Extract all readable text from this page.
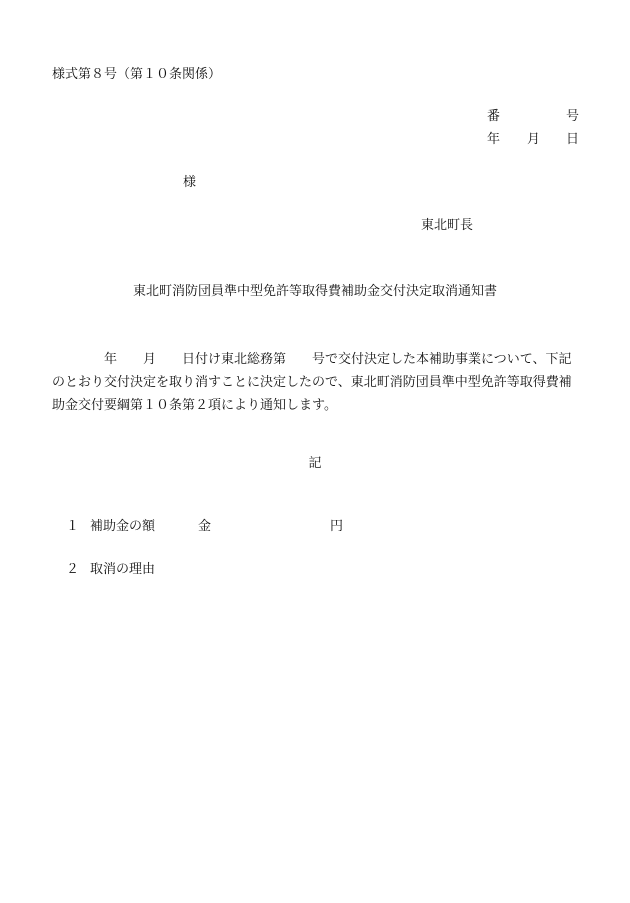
様式第８号（第１０条関係）
番	号
年 月 日
様
東北町長
東北町消防団員準中型免許等取得費補助金交付決定取消通知書
　　　　年　　月　　日付け東北総務第　　号で交付決定した本補助事業について、下記
のとおり交付決定を取り消すことに決定したので、東北町消防団員準中型免許等取得費補
助金交付要綱第１０条第２項により通知します。
記
１ 補助金の額	金	円
２ 取消の理由
